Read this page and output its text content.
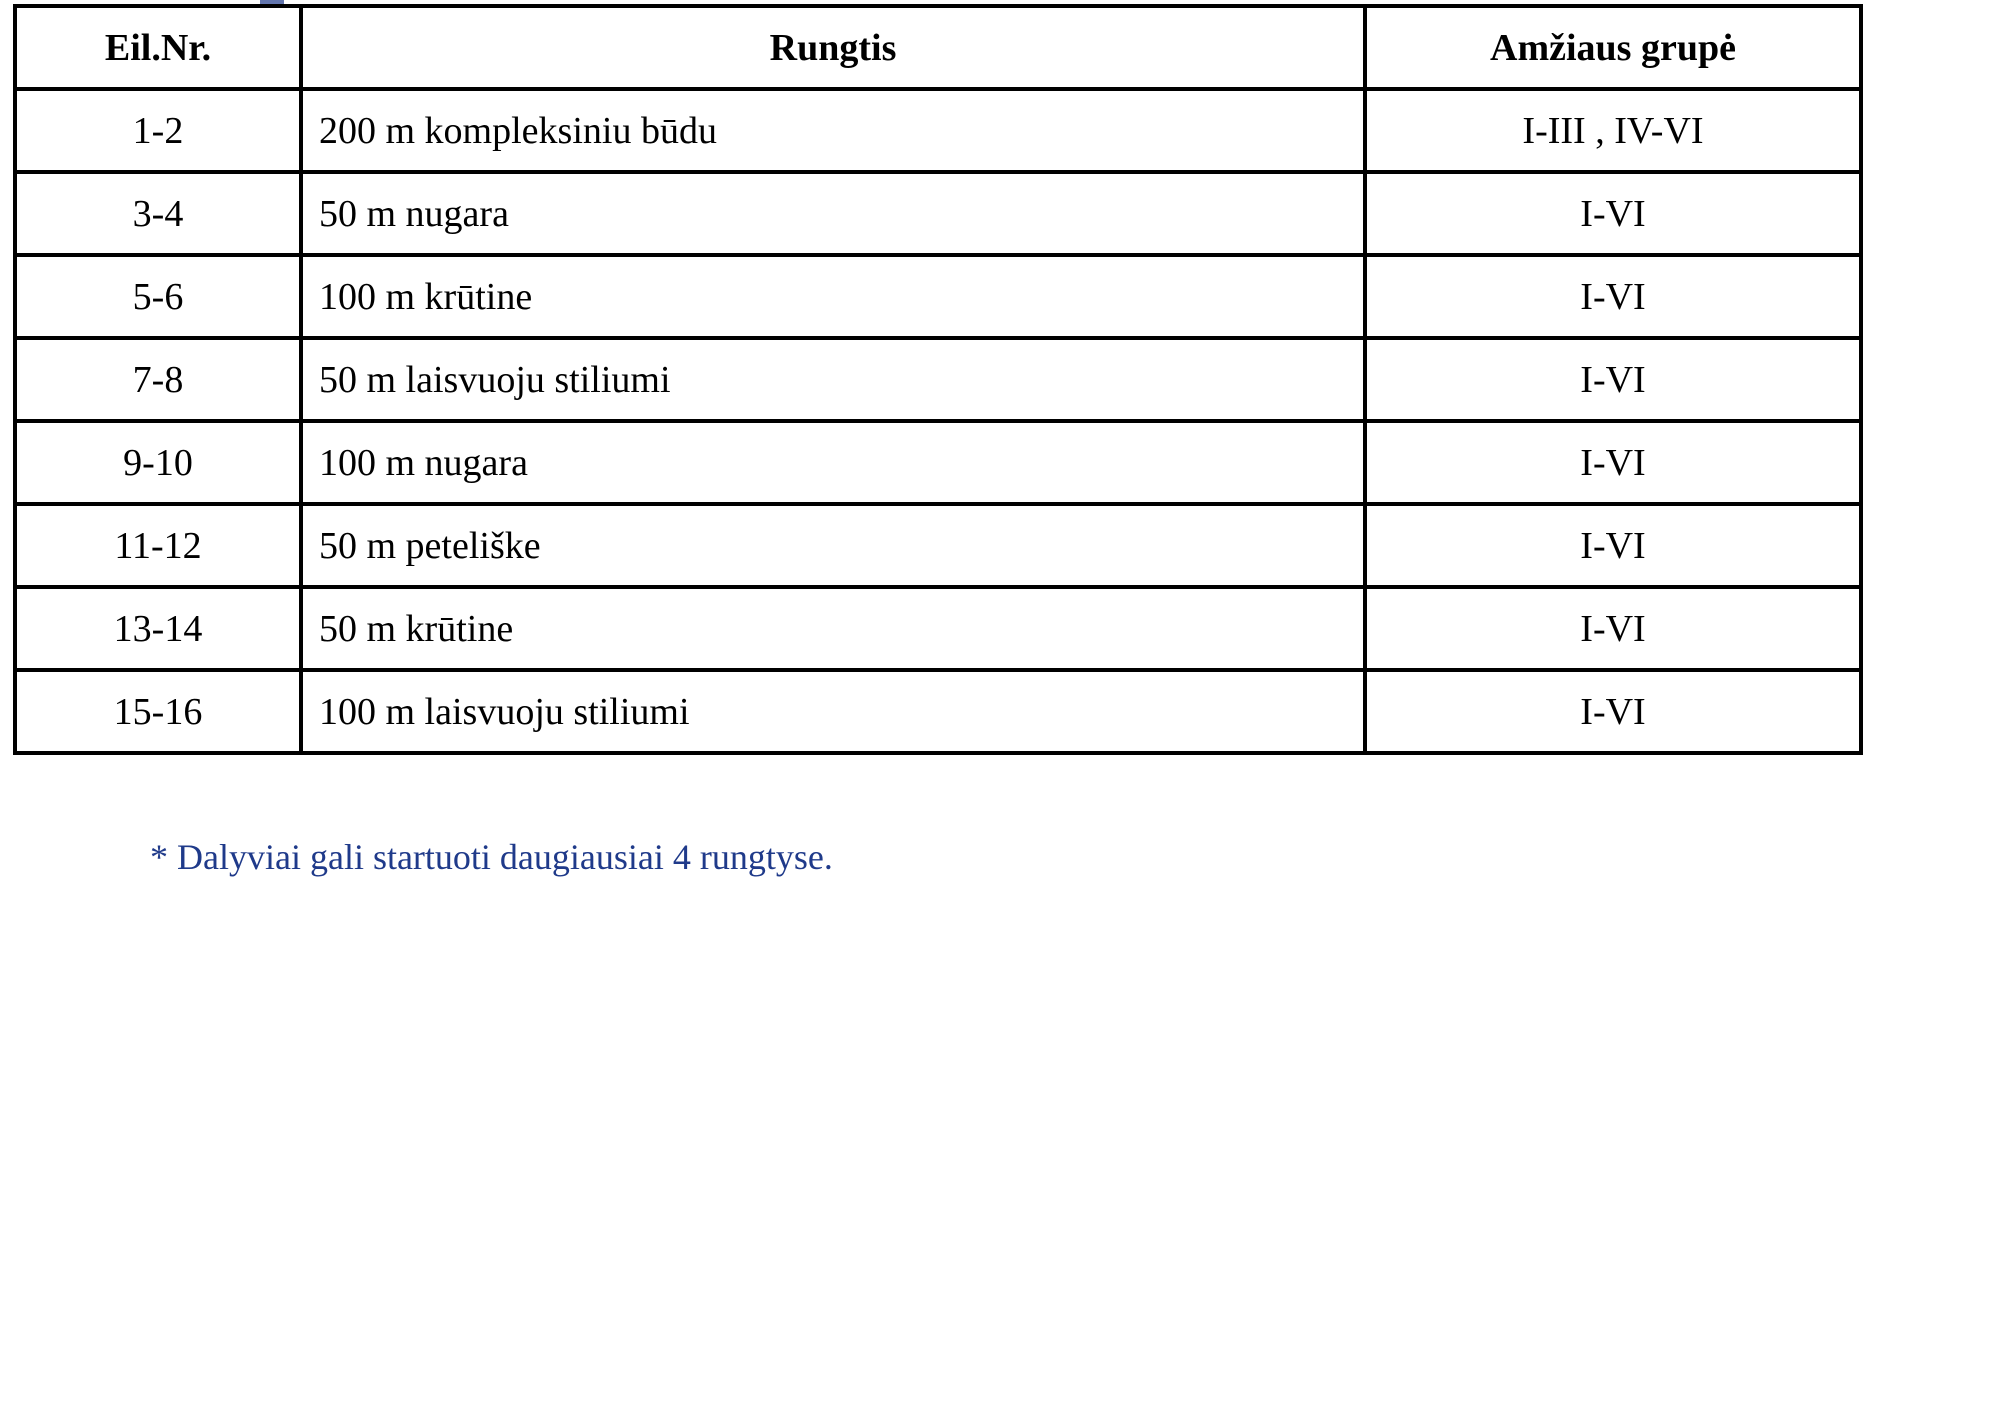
Eil.Nr.	Rungtis	Amžiaus grupė
1-2	200 m kompleksiniu būdu	I-III , IV-VI
3-4	50 m nugara	I-VI
5-6	100 m krūtine	I-VI
7-8	50 m laisvuoju stiliumi	I-VI
9-10	100 m nugara	I-VI
11-12	50 m peteliške	I-VI
13-14	50 m krūtine	I-VI
15-16	100 m laisvuoju stiliumi	I-VI
* Dalyviai gali startuoti daugiausiai 4 rungtyse.
